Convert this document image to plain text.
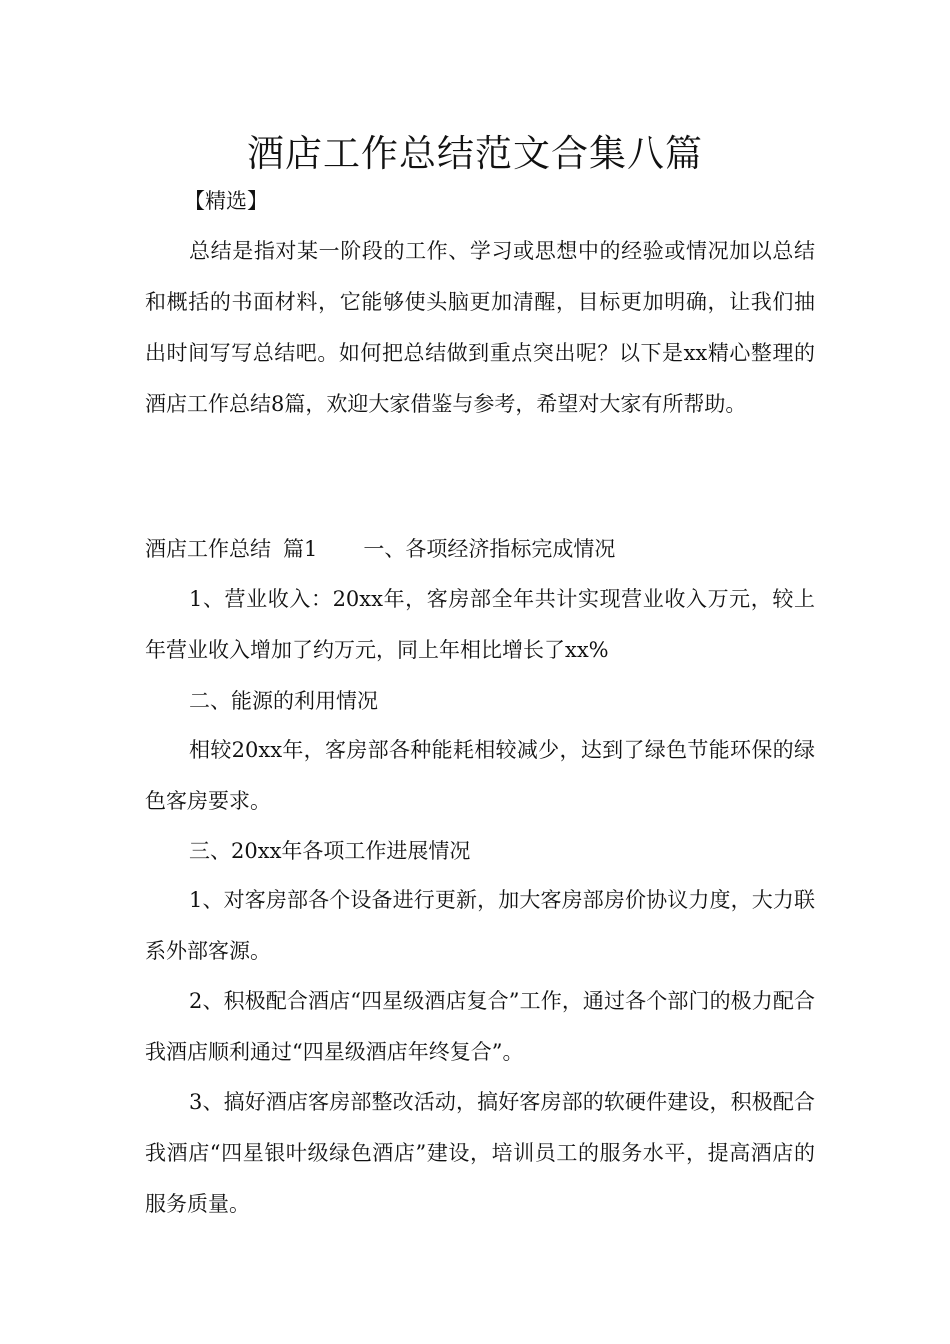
酒店工作总结范文合集八篇

【精选】

总结是指对某一阶段的工作、学习或思想中的经验或情况加以总结和概括的书面材料，它能够使头脑更加清醒，目标更加明确，让我们抽出时间写写总结吧。如何把总结做到重点突出呢？以下是xx精心整理的酒店工作总结8篇，欢迎大家借鉴与参考，希望对大家有所帮助。

酒店工作总结 篇1 一、各项经济指标完成情况

1、营业收入：20xx年，客房部全年共计实现营业收入万元，较上年营业收入增加了约万元，同上年相比增长了xx%

二、能源的利用情况

相较20xx年，客房部各种能耗相较减少，达到了绿色节能环保的绿色客房要求。

三、20xx年各项工作进展情况

1、对客房部各个设备进行更新，加大客房部房价协议力度，大力联系外部客源。

2、积极配合酒店“四星级酒店复合”工作，通过各个部门的极力配合我酒店顺利通过“四星级酒店年终复合”。

3、搞好酒店客房部整改活动，搞好客房部的软硬件建设，积极配合我酒店“四星银叶级绿色酒店”建设，培训员工的服务水平，提高酒店的服务质量。
